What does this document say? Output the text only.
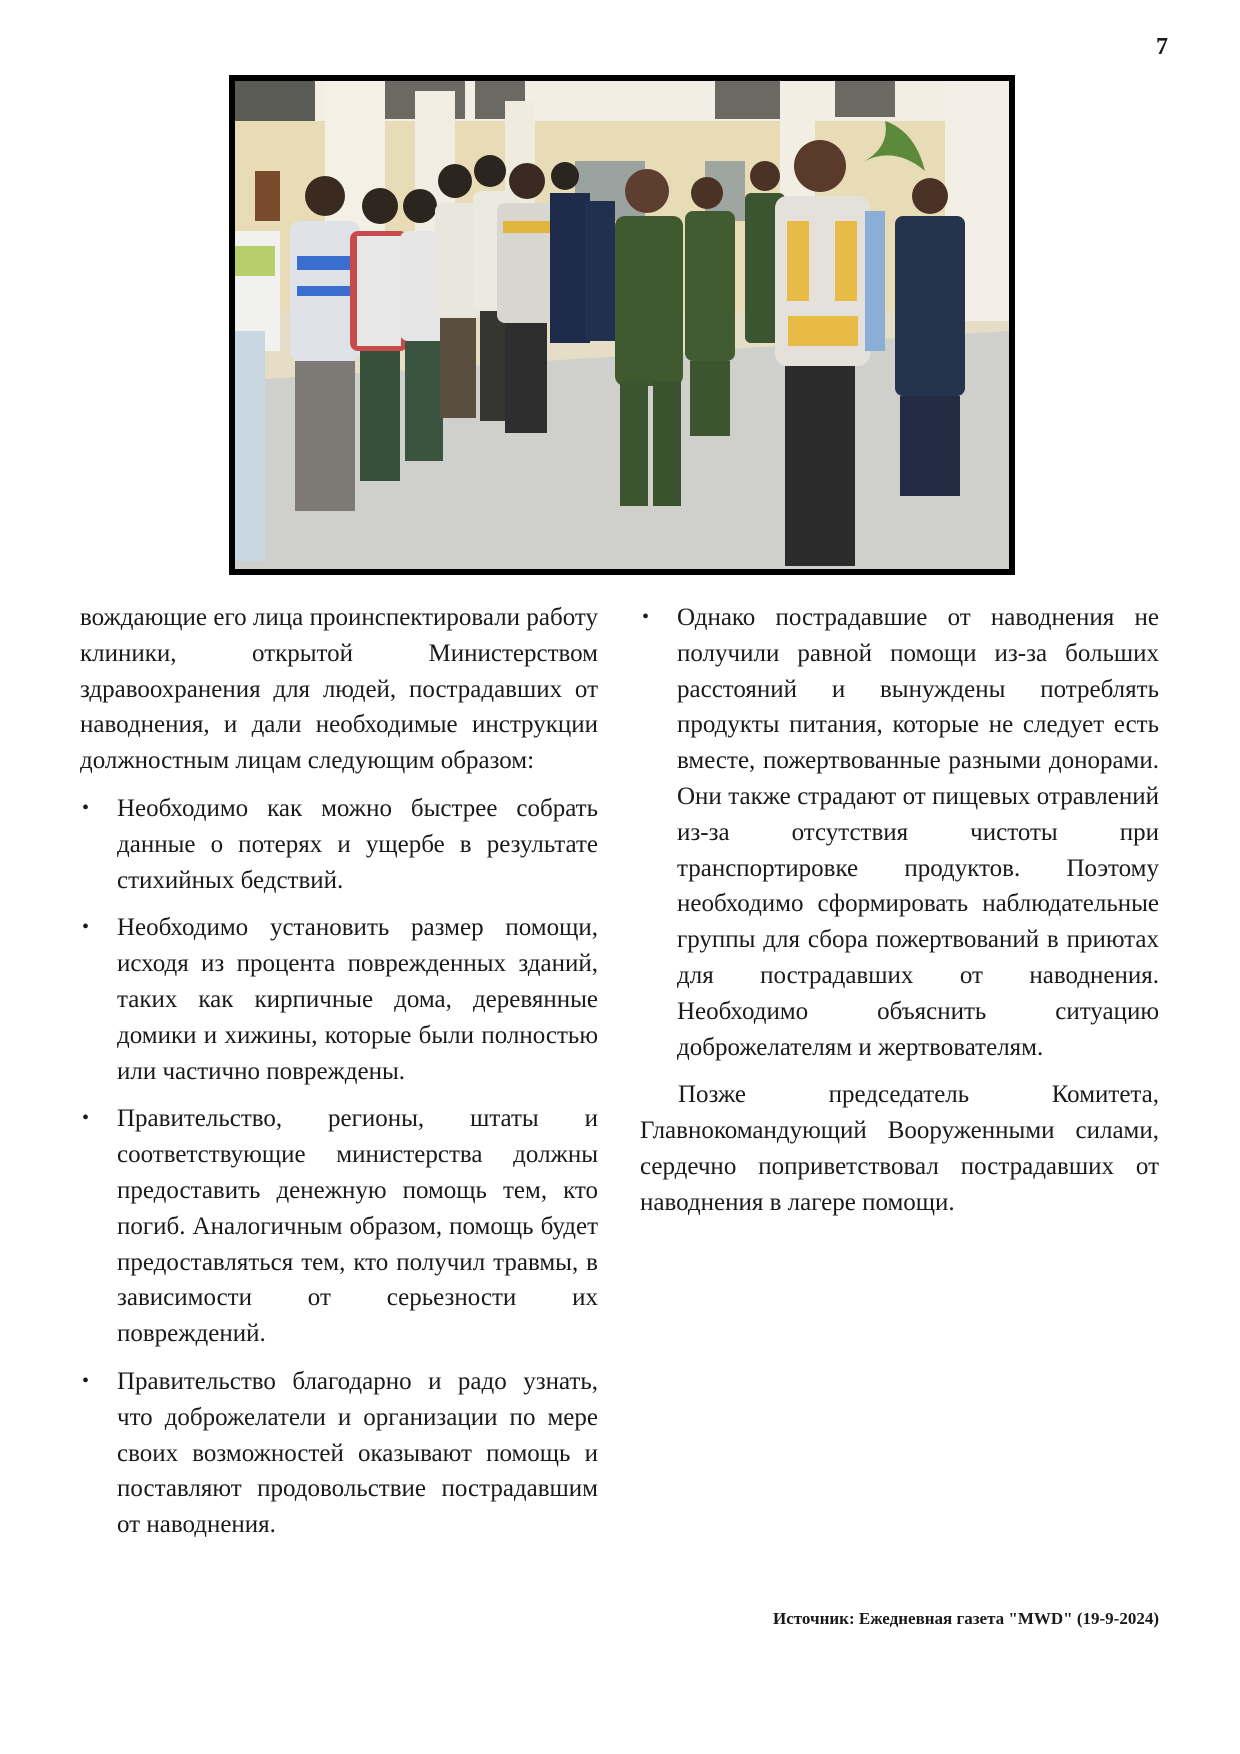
7

вождающие его лица проинспектировали работу клиники, открытой Министерством здравоохранения для людей, пострадавших от наводнения, и дали необходимые инструкции должностным лицам следующим образом:

• Необходимо как можно быстрее собрать данные о потерях и ущербе в результате стихийных бедствий.
• Необходимо установить размер помощи, исходя из процента поврежденных зданий, таких как кирпичные дома, деревянные домики и хижины, которые были полностью или частично повреждены.
• Правительство, регионы, штаты и соответствующие министерства должны предоставить денежную помощь тем, кто погиб. Аналогичным образом, помощь будет предоставляться тем, кто получил травмы, в зависимости от серьезности их повреждений.
• Правительство благодарно и радо узнать, что доброжелатели и организации по мере своих возможностей оказывают помощь и поставляют продовольствие пострадавшим от наводнения.
• Однако пострадавшие от наводнения не получили равной помощи из-за больших расстояний и вынуждены потреблять продукты питания, которые не следует есть вместе, пожертвованные разными донорами. Они также страдают от пищевых отравлений из-за отсутствия чистоты при транспортировке продуктов. Поэтому необходимо сформировать наблюдательные группы для сбора пожертвований в приютах для пострадавших от наводнения. Необходимо объяснить ситуацию доброжелателям и жертвователям.

Позже председатель Комитета, Главнокомандующий Вооруженными силами, сердечно поприветствовал пострадавших от наводнения в лагере помощи.

Источник: Ежедневная газета "MWD" (19-9-2024)
